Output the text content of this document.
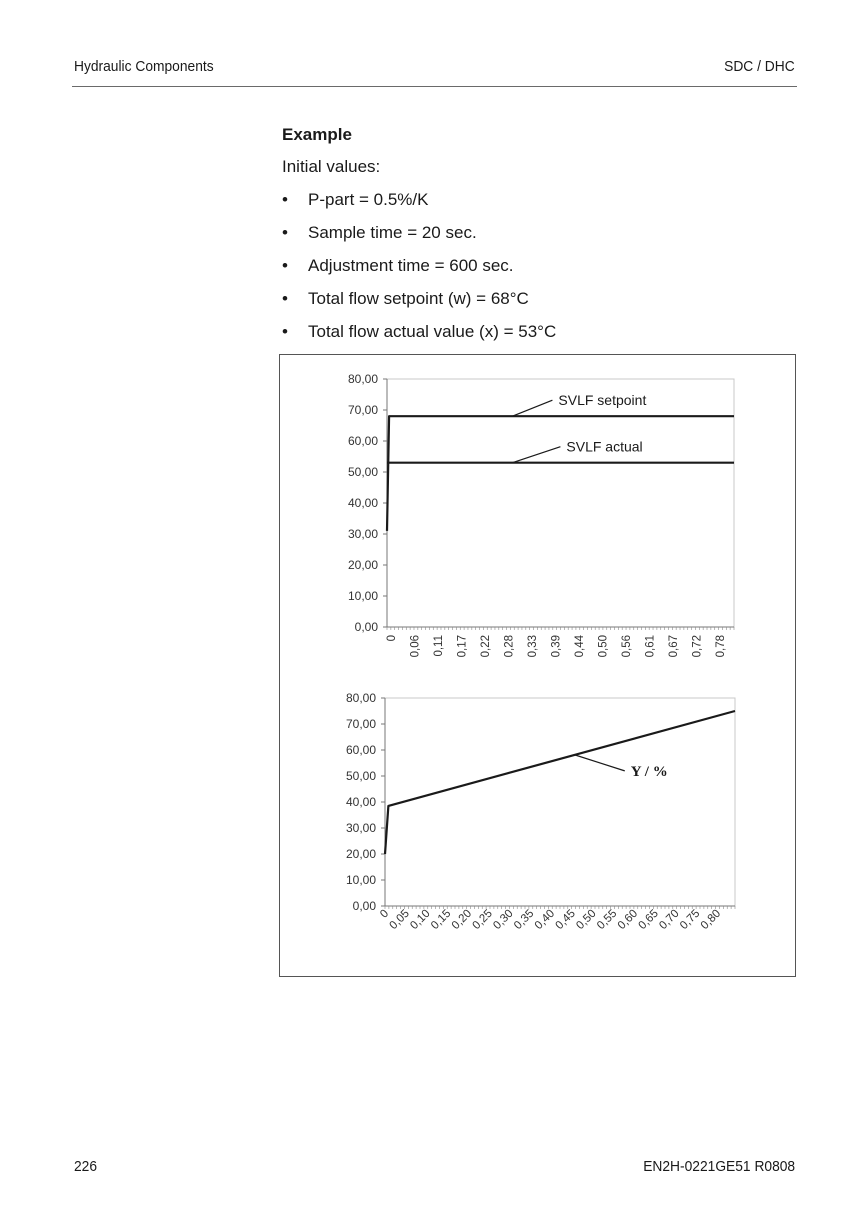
Hydraulic Components	SDC / DHC
Example
Initial values:
• P-part = 0.5%/K
• Sample time = 20 sec.
• Adjustment time = 600 sec.
• Total flow setpoint (w) = 68°C
• Total flow actual value (x) = 53°C
0,00
10,00
20,00
30,00
40,00
50,00
60,00
70,00
80,00
0 0,06 0,11 0,17 0,22 0,28 0,33 0,39 0,44 0,50 0,56 0,61 0,67 0,72 0,78
SVLF setpoint
SVLF actual
0,00
10,00
20,00
30,00
40,00
50,00
60,00
70,00
80,00
0
0,05
0,10
0,15
0,20
0,25
0,30
0,35
0,40
0,45
0,50
0,55
0,60
0,65
0,70
0,75
0,80
Y / %
226	EN2H-0221GE51 R0808
